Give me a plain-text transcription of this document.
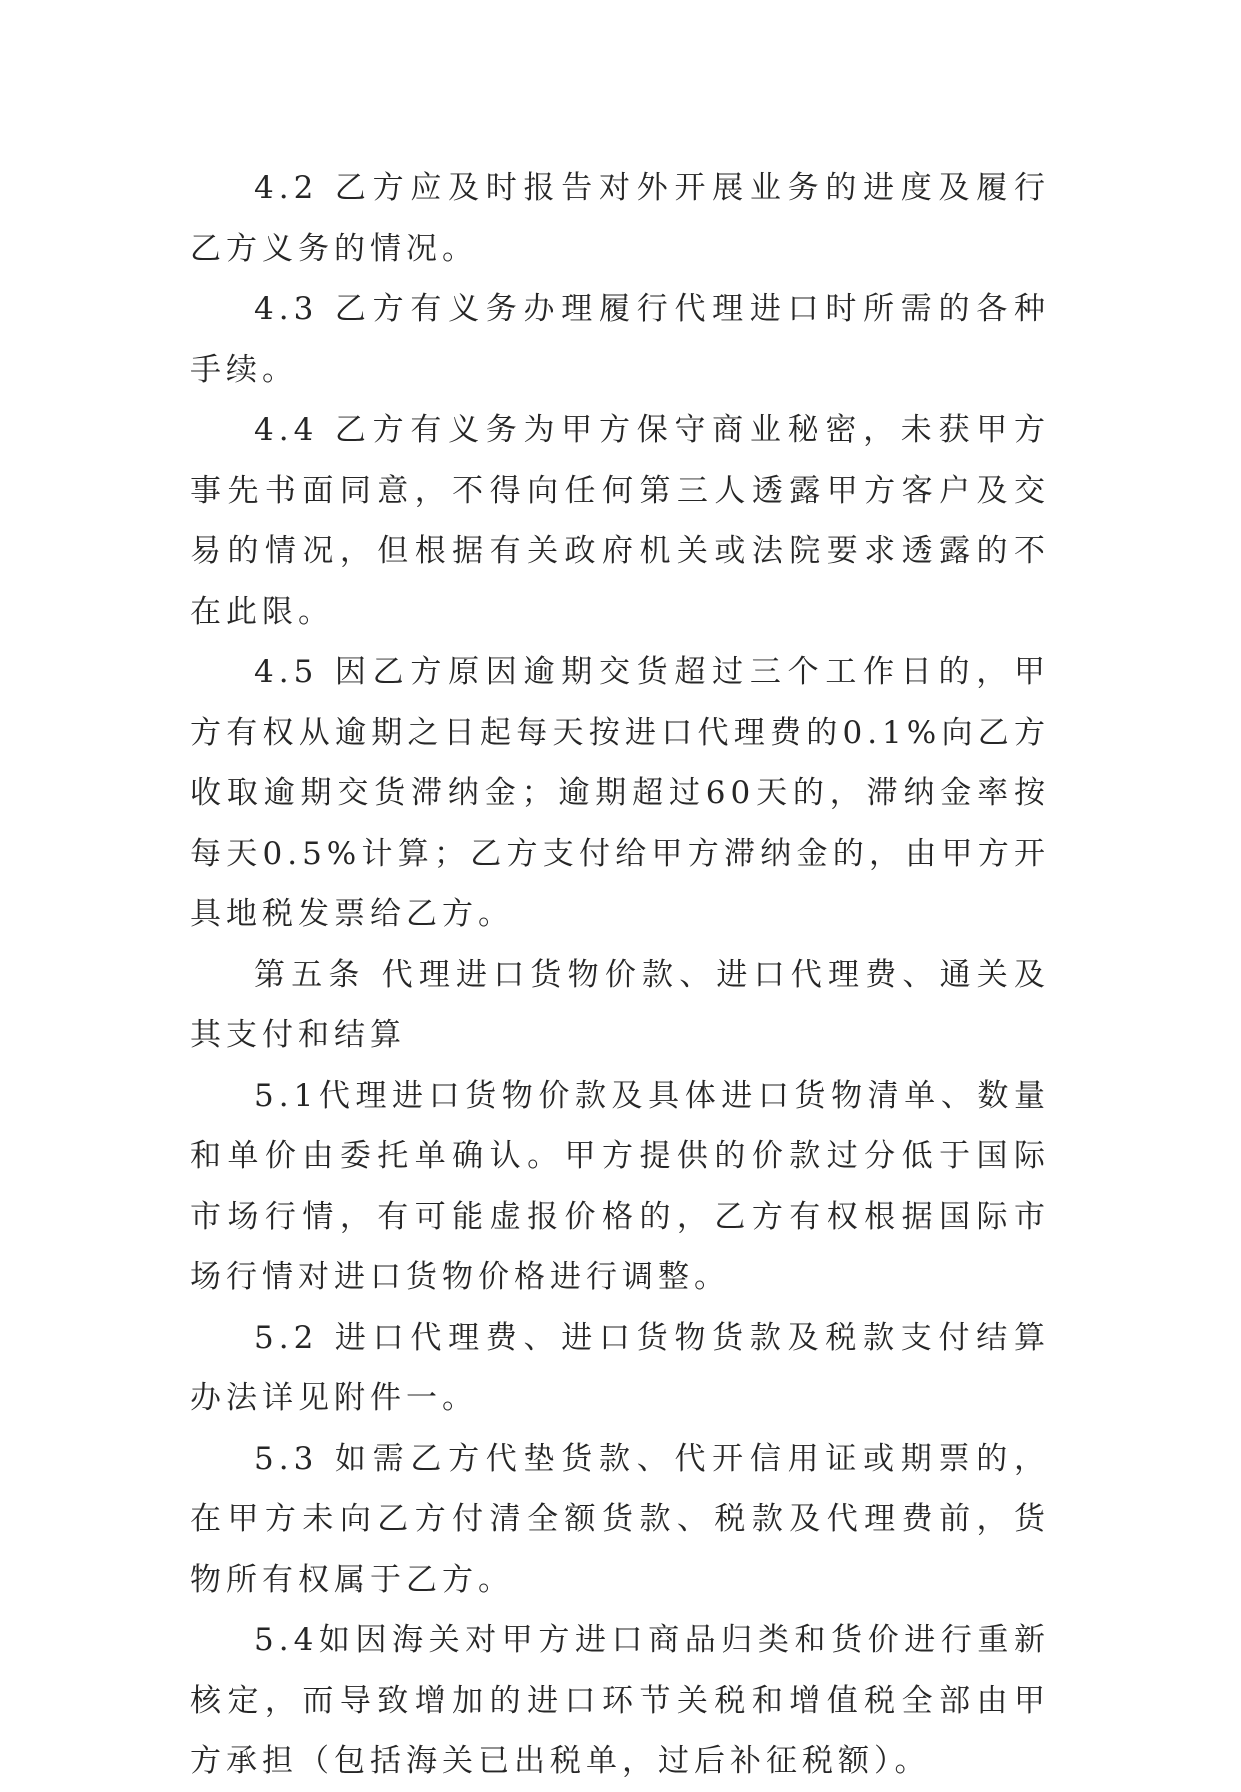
4.2 乙方应及时报告对外开展业务的进度及履行乙方义务的情况。

4.3 乙方有义务办理履行代理进口时所需的各种手续。

4.4 乙方有义务为甲方保守商业秘密，未获甲方事先书面同意，不得向任何第三人透露甲方客户及交易的情况，但根据有关政府机关或法院要求透露的不在此限。

4.5 因乙方原因逾期交货超过三个工作日的，甲方有权从逾期之日起每天按进口代理费的0.1%向乙方收取逾期交货滞纳金；逾期超过60天的，滞纳金率按每天0.5%计算；乙方支付给甲方滞纳金的，由甲方开具地税发票给乙方。

第五条 代理进口货物价款、进口代理费、通关及其支付和结算

5.1代理进口货物价款及具体进口货物清单、数量和单价由委托单确认。甲方提供的价款过分低于国际市场行情，有可能虚报价格的，乙方有权根据国际市场行情对进口货物价格进行调整。

5.2 进口代理费、进口货物货款及税款支付结算办法详见附件一。

5.3 如需乙方代垫货款、代开信用证或期票的，在甲方未向乙方付清全额货款、税款及代理费前，货物所有权属于乙方。

5.4如因海关对甲方进口商品归类和货价进行重新核定，而导致增加的进口环节关税和增值税全部由甲方承担（包括海关已出税单，过后补征税额）。
